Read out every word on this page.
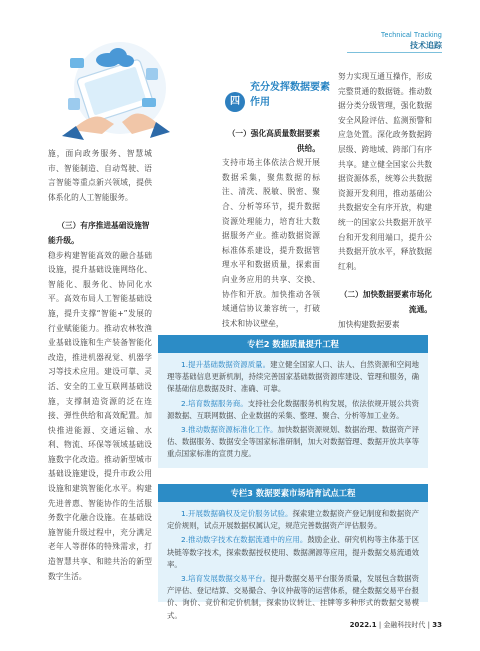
Technical Tracking
技术追踪

施，面向政务服务、智慧城市、智能制造、自动驾驶、语言智能等重点新兴领域，提供体系化的人工智能服务。

（三）有序推进基础设施智能升级。

稳步构建智能高效的融合基础设施，提升基础设施网络化、智能化、服务化、协同化水平。高效布局人工智能基础设施，提升支撑“智能+”发展的行业赋能能力。推动农林牧渔业基础设施和生产装备智能化改造，推进机器视觉、机器学习等技术应用。建设可靠、灵活、安全的工业互联网基础设施，支撑制造资源的泛在连接、弹性供给和高效配置。加快推进能源、交通运输、水利、物流、环保等领域基础设施数字化改造。推动新型城市基础设施建设，提升市政公用设施和建筑智能化水平。构建先进普惠、智能协作的生活服务数字化融合设施。在基础设施智能升级过程中，充分满足老年人等群体的特殊需求，打造智慧共享、和睦共治的新型数字生活。

四
充分发挥数据要素作用

（一）强化高质量数据要素供给。

支持市场主体依法合规开展数据采集，聚焦数据的标注、清洗、脱敏、脱密、聚合、分析等环节，提升数据资源处理能力，培育壮大数据服务产业。推动数据资源标准体系建设，提升数据管理水平和数据质量，探索面向业务应用的共享、交换、协作和开放。加快推动各领域通信协议兼容统一，打破技术和协议壁垒，

努力实现互通互操作，形成完整贯通的数据链。推动数据分类分级管理，强化数据安全风险评估、监测预警和应急处置。深化政务数据跨层级、跨地域、跨部门有序共享。建立健全国家公共数据资源体系，统筹公共数据资源开发利用，推动基础公共数据安全有序开放，构建统一的国家公共数据开放平台和开发利用端口，提升公共数据开放水平，释放数据红利。

（二）加快数据要素市场化流通。

加快构建数据要素

专栏2 数据质量提升工程

1.提升基础数据资源质量。建立健全国家人口、法人、自然资源和空间地理等基础信息更新机制，持续完善国家基础数据资源库建设、管理和服务，确保基础信息数据及时、准确、可靠。

2.培育数据服务商。支持社会化数据服务机构发展，依法依规开展公共资源数据、互联网数据、企业数据的采集、整理、聚合、分析等加工业务。

3.推动数据资源标准化工作。加快数据资源规划、数据治理、数据资产评估、数据服务、数据安全等国家标准研制，加大对数据管理、数据开放共享等重点国家标准的宣贯力度。

专栏3 数据要素市场培育试点工程

1.开展数据确权及定价服务试验。探索建立数据资产登记制度和数据资产定价规则，试点开展数据权属认定，规范完善数据资产评估服务。

2.推动数字技术在数据流通中的应用。鼓励企业、研究机构等主体基于区块链等数字技术，探索数据授权使用、数据溯源等应用，提升数据交易流通效率。

3.培育发展数据交易平台。提升数据交易平台服务质量，发展包含数据资产评估、登记结算、交易撮合、争议仲裁等的运营体系，健全数据交易平台报价、询价、竞价和定价机制，探索协议转让、挂牌等多种形式的数据交易模式。

2022.1 | 金融科技时代 | 33
